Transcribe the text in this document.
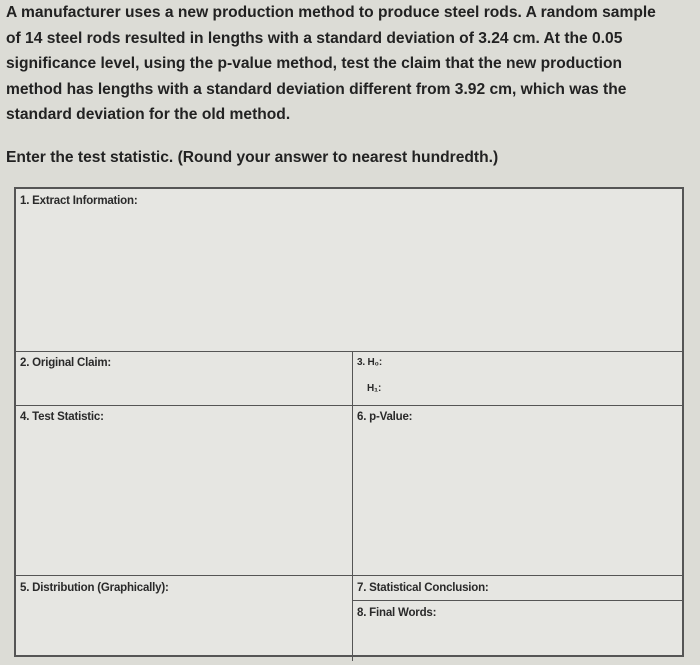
A manufacturer uses a new production method to produce steel rods. A random sample
of 14 steel rods resulted in lengths with a standard deviation of 3.24 cm. At the 0.05
significance level, using the p-value method, test the claim that the new production
method has lengths with a standard deviation different from 3.92 cm, which was the
standard deviation for the old method.
Enter the test statistic. (Round your answer to nearest hundredth.)
1. Extract Information:
2. Original Claim:	3. H₀:
H₁:
4. Test Statistic:	6. p-Value:
5. Distribution (Graphically):	7. Statistical Conclusion:
8. Final Words:
